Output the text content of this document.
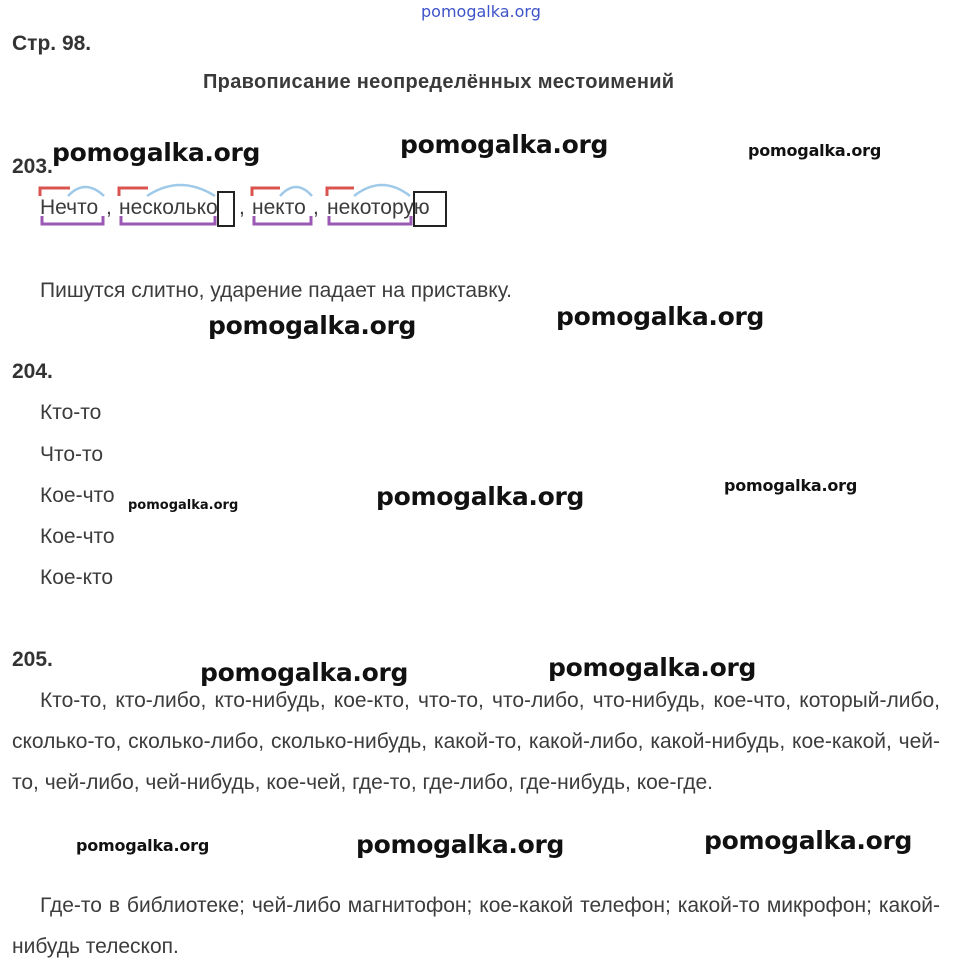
pomogalka.org
Стр. 98.
Правописание неопределённых местоимений
203.
Нечто , несколько , некто , некоторую
Пишутся слитно, ударение падает на приставку.
204.
Кто-то
Что-то
Кое-что
Кое-что
Кое-кто
205.
Кто-то, кто-либо, кто-нибудь, кое-кто, что-то, что-либо, что-нибудь, кое-что, который-либо, сколько-то, сколько-либо, сколько-нибудь, какой-то, какой-либо, какой-нибудь, кое-какой, чей-то, чей-либо, чей-нибудь, кое-чей, где-то, где-либо, где-нибудь, кое-где.
Где-то в библиотеке; чей-либо магнитофон; кое-какой телефон; какой-то микрофон; какой-нибудь телескоп.
pomogalka.org	pomogalka.org	pomogalka.org
pomogalka.org	pomogalka.org
pomogalka.org	pomogalka.org	pomogalka.org
pomogalka.org	pomogalka.org
pomogalka.org	pomogalka.org	pomogalka.org
